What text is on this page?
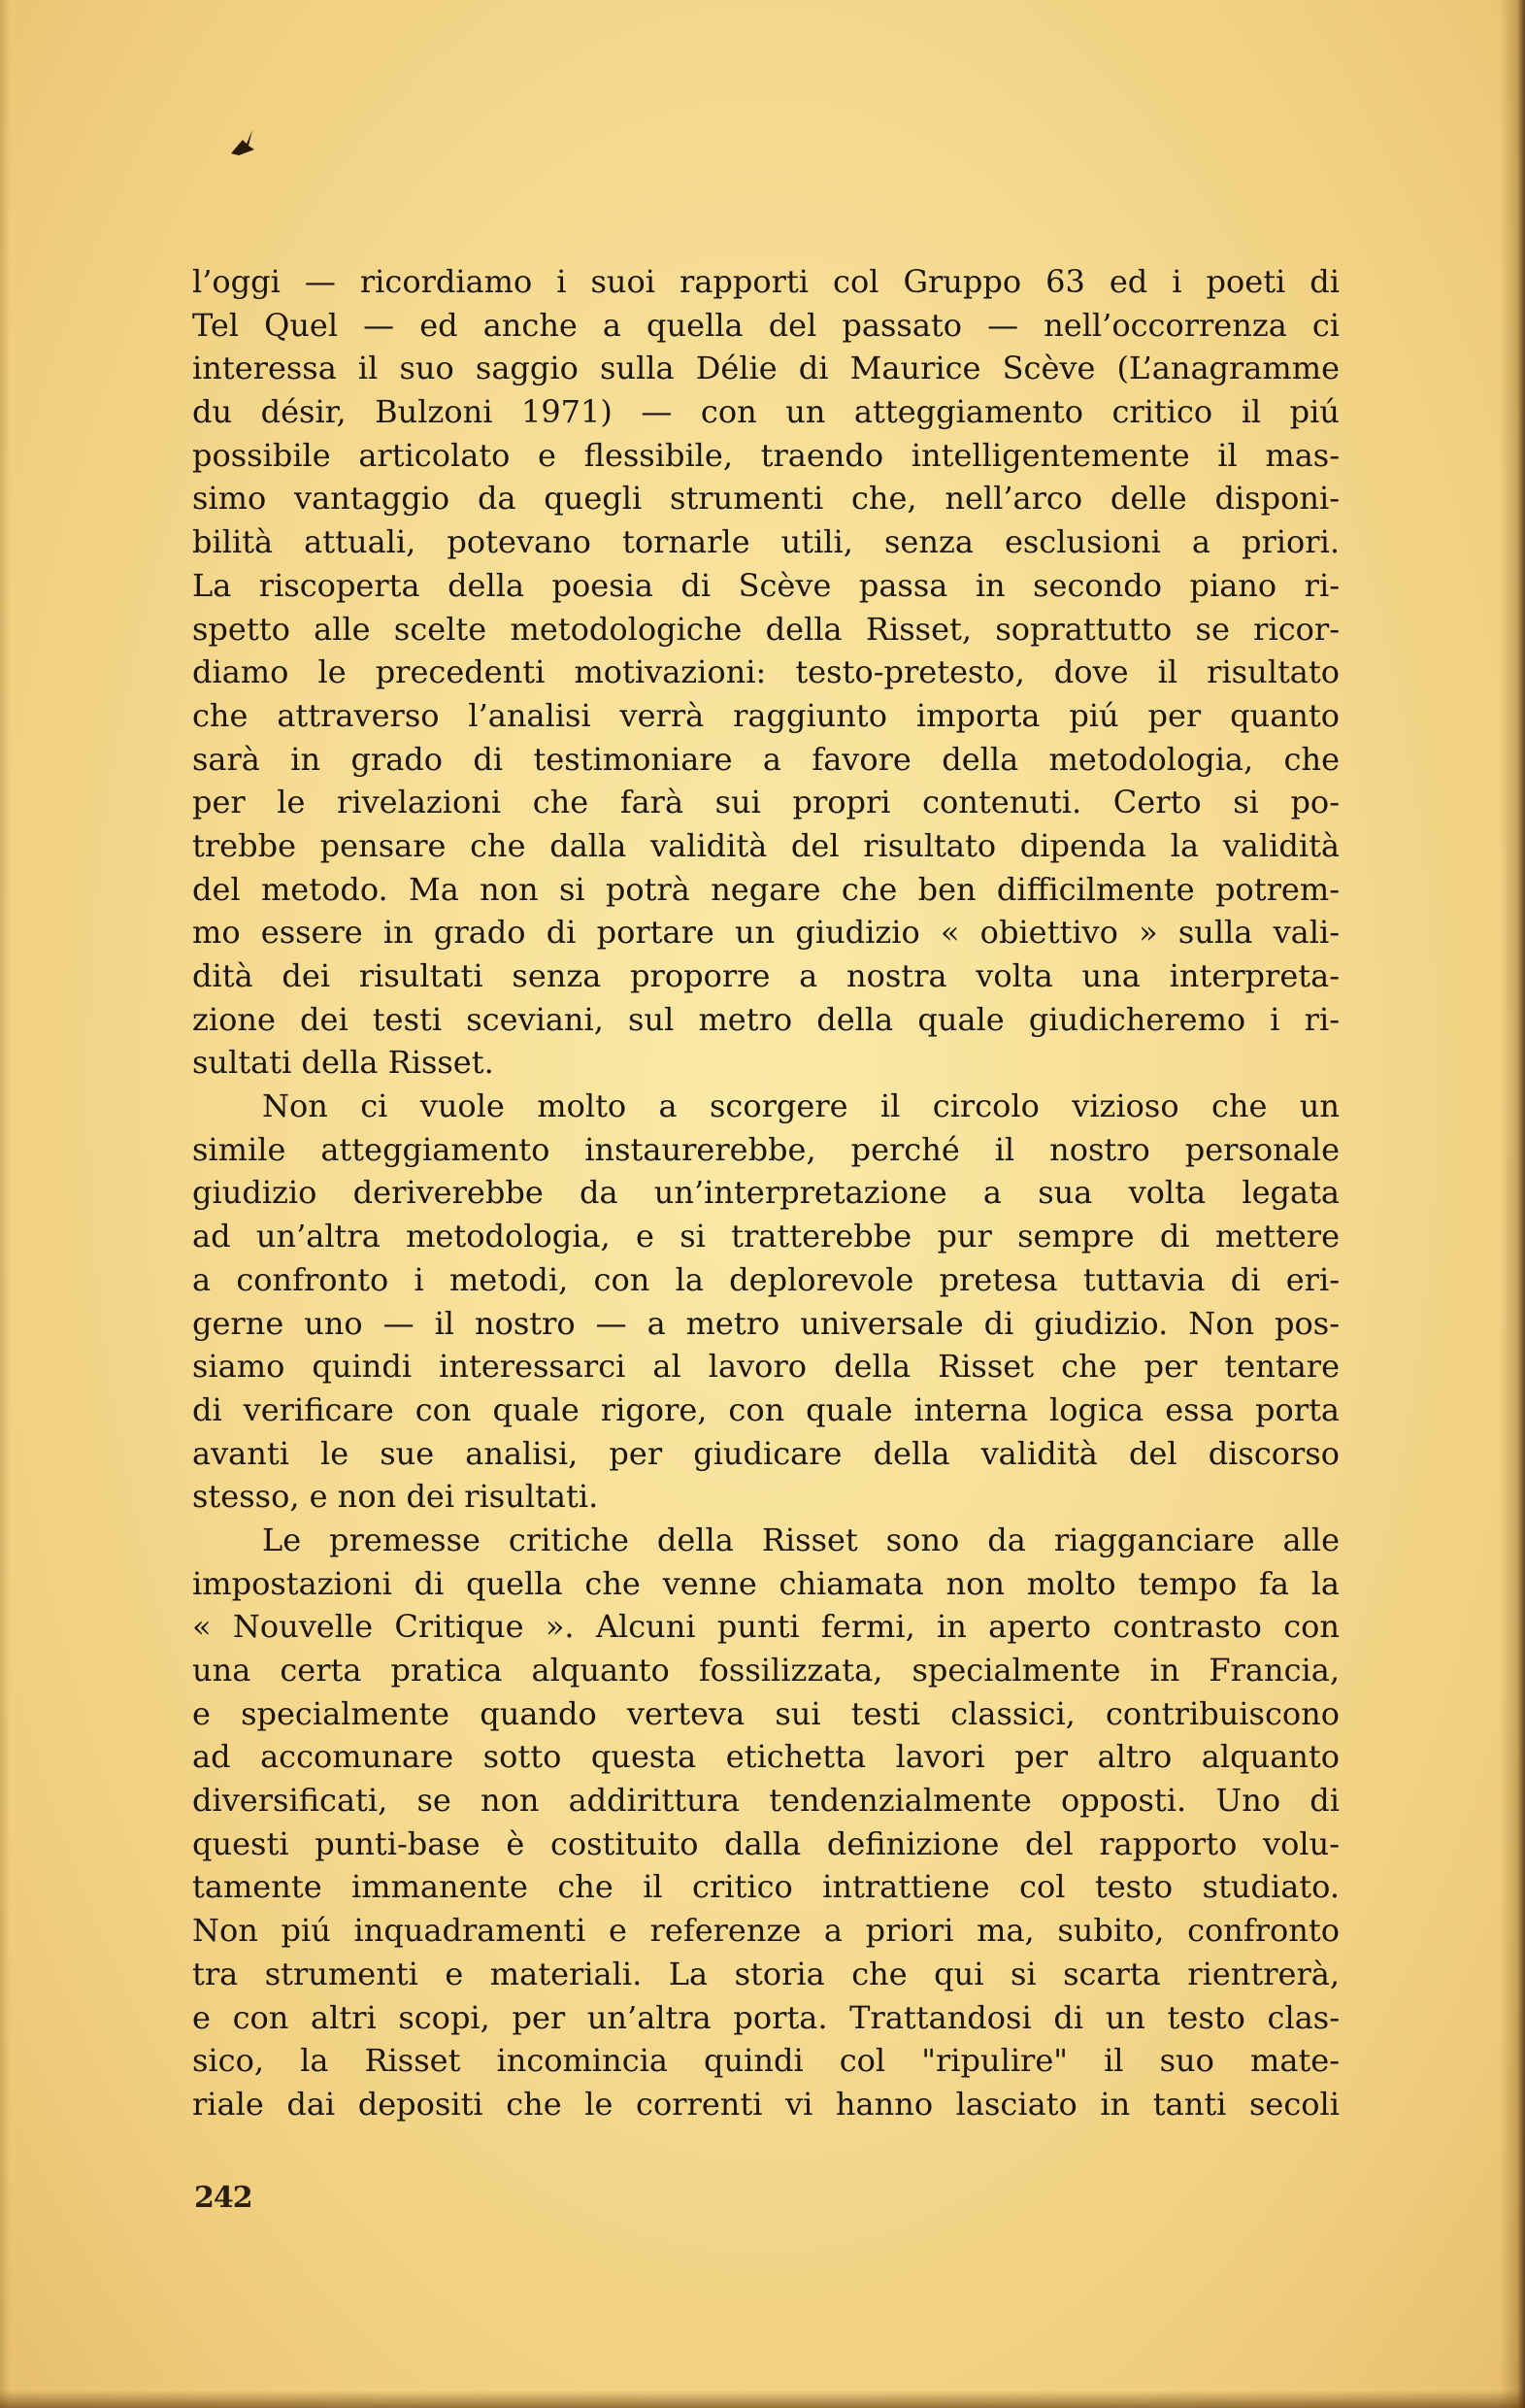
l’oggi — ricordiamo i suoi rapporti col Gruppo 63 ed i poeti di
Tel Quel — ed anche a quella del passato — nell’occorrenza ci
interessa il suo saggio sulla Délie di Maurice Scève (L’anagramme
du désir, Bulzoni 1971) — con un atteggiamento critico il piú
possibile articolato e flessibile, traendo intelligentemente il mas-
simo vantaggio da quegli strumenti che, nell’arco delle disponi-
bilità attuali, potevano tornarle utili, senza esclusioni a priori.
La riscoperta della poesia di Scève passa in secondo piano ri-
spetto alle scelte metodologiche della Risset, soprattutto se ricor-
diamo le precedenti motivazioni: testo-pretesto, dove il risultato
che attraverso l’analisi verrà raggiunto importa piú per quanto
sarà in grado di testimoniare a favore della metodologia, che
per le rivelazioni che farà sui propri contenuti. Certo si po-
trebbe pensare che dalla validità del risultato dipenda la validità
del metodo. Ma non si potrà negare che ben difficilmente potrem-
mo essere in grado di portare un giudizio « obiettivo » sulla vali-
dità dei risultati senza proporre a nostra volta una interpreta-
zione dei testi sceviani, sul metro della quale giudicheremo i ri-
sultati della Risset.
Non ci vuole molto a scorgere il circolo vizioso che un
simile atteggiamento instaurerebbe, perché il nostro personale
giudizio deriverebbe da un’interpretazione a sua volta legata
ad un’altra metodologia, e si tratterebbe pur sempre di mettere
a confronto i metodi, con la deplorevole pretesa tuttavia di eri-
gerne uno — il nostro — a metro universale di giudizio. Non pos-
siamo quindi interessarci al lavoro della Risset che per tentare
di verificare con quale rigore, con quale interna logica essa porta
avanti le sue analisi, per giudicare della validità del discorso
stesso, e non dei risultati.
Le premesse critiche della Risset sono da riagganciare alle
impostazioni di quella che venne chiamata non molto tempo fa la
« Nouvelle Critique ». Alcuni punti fermi, in aperto contrasto con
una certa pratica alquanto fossilizzata, specialmente in Francia,
e specialmente quando verteva sui testi classici, contribuiscono
ad accomunare sotto questa etichetta lavori per altro alquanto
diversificati, se non addirittura tendenzialmente opposti. Uno di
questi punti-base è costituito dalla definizione del rapporto volu-
tamente immanente che il critico intrattiene col testo studiato.
Non piú inquadramenti e referenze a priori ma, subito, confronto
tra strumenti e materiali. La storia che qui si scarta rientrerà,
e con altri scopi, per un’altra porta. Trattandosi di un testo clas-
sico, la Risset incomincia quindi col "ripulire" il suo mate-
riale dai depositi che le correnti vi hanno lasciato in tanti secoli
242
